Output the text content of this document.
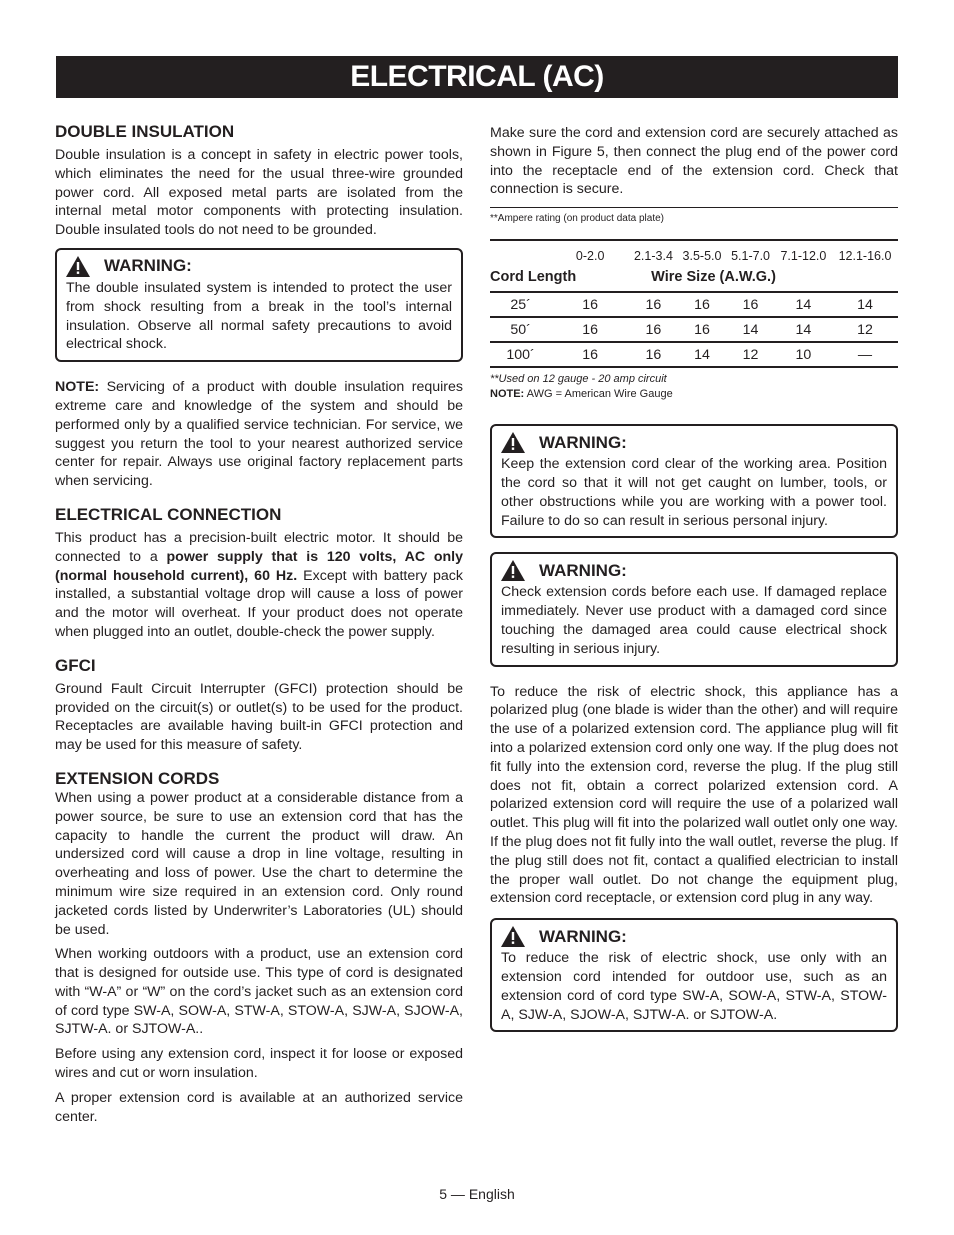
ELECTRICAL (AC)
DOUBLE INSULATION

Double insulation is a concept in safety in electric power tools, which eliminates the need for the usual three-wire grounded power cord. All exposed metal parts are isolated from the internal metal motor components with protecting insulation. Double insulated tools do not need to be grounded.

WARNING:

The double insulated system is intended to protect the user from shock resulting from a break in the tool’s internal insulation. Observe all normal safety precautions to avoid electrical shock.

NOTE: Servicing of a product with double insulation requires extreme care and knowledge of the system and should be performed only by a qualified service technician. For service, we suggest you return the tool to your nearest authorized service center for repair. Always use original factory replacement parts when servicing.

ELECTRICAL CONNECTION

This product has a precision-built electric motor. It should be connected to a power supply that is 120 volts, AC only (normal household current), 60 Hz. Except with battery pack installed, a substantial voltage drop will cause a loss of power and the motor will overheat. If your product does not operate when plugged into an outlet, double-check the power supply.

GFCI

Ground Fault Circuit Interrupter (GFCI) protection should be provided on the circuit(s) or outlet(s) to be used for the product. Receptacles are available having built-in GFCI protection and may be used for this measure of safety.

EXTENSION CORDS

When using a power product at a considerable distance from a power source, be sure to use an extension cord that has the capacity to handle the current the product will draw. An undersized cord will cause a drop in line voltage, resulting in overheating and loss of power. Use the chart to determine the minimum wire size required in an extension cord. Only round jacketed cords listed by Underwriter’s Laboratories (UL) should be used.

When working outdoors with a product, use an extension cord that is designed for outside use. This type of cord is designated with “W-A” or “W” on the cord’s jacket such as an extension cord of cord type SW-A, SOW-A, STW-A, STOW-A, SJW-A, SJOW-A, SJTW-A. or SJTOW-A..

Before using any extension cord, inspect it for loose or exposed wires and cut or worn insulation.

A proper extension cord is available at an authorized service center.

Make sure the cord and extension cord are securely attached as shown in Figure 5, then connect the plug end of the power cord into the receptacle end of the extension cord. Check that connection is secure.

**Ampere rating (on product data plate)
	0-2.0	2.1-3.4	3.5-5.0	5.1-7.0	7.1-12.0	12.1-16.0
Cord Length		Wire Size (A.W.G.)				
25´	16	16	16	16	14	14
50´	16	16	16	14	14	12
100´	16	16	14	12	10	—
**Used on 12 gauge - 20 amp circuit
NOTE: AWG = American Wire Gauge
WARNING:

Keep the extension cord clear of the working area. Position the cord so that it will not get caught on lumber, tools, or other obstructions while you are working with a power tool. Failure to do so can result in serious personal injury.

WARNING:

Check extension cords before each use. If damaged replace immediately. Never use product with a damaged cord since touching the damaged area could cause electrical shock resulting in serious injury.

To reduce the risk of electric shock, this appliance has a polarized plug (one blade is wider than the other) and will require the use of a polarized extension cord. The appliance plug will fit into a polarized extension cord only one way. If the plug does not fit fully into the extension cord, reverse the plug. If the plug still does not fit, obtain a correct polarized extension cord. A polarized extension cord will require the use of a polarized wall outlet. This plug will fit into the polarized wall outlet only one way. If the plug does not fit fully into the wall outlet, reverse the plug. If the plug still does not fit, contact a qualified electrician to install the proper wall outlet. Do not change the equipment plug, extension cord receptacle, or extension cord plug in any way.

WARNING:

To reduce the risk of electric shock, use only with an extension cord intended for outdoor use, such as an extension cord of cord type SW-A, SOW-A, STW-A, STOW-A, SJW-A, SJOW-A, SJTW-A. or SJTOW-A.

5 — English
